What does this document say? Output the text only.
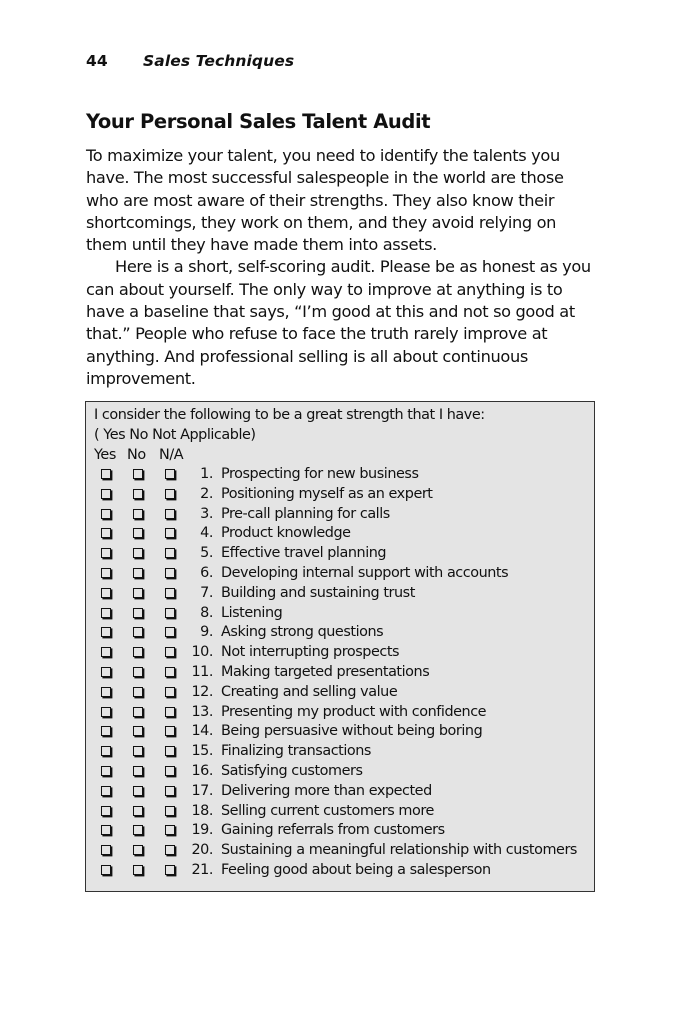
44 Sales Techniques
Your Personal Sales Talent Audit

To maximize your talent, you need to identify the talents you have. The most successful salespeople in the world are those who are most aware of their strengths. They also know their shortcomings, they work on them, and they avoid relying on them until they have made them into assets.

Here is a short, self-scoring audit. Please be as honest as you can about yourself. The only way to improve at anything is to have a baseline that says, “I’m good at this and not so good at that.” People who refuse to face the truth rarely improve at anything. And professional selling is all about continuous improvement.

I consider the following to be a great strength that I have:
( Yes No Not Applicable)
Yes No N/A
1. Prospecting for new business
2. Positioning myself as an expert
3. Pre-call planning for calls
4. Product knowledge
5. Effective travel planning
6. Developing internal support with accounts
7. Building and sustaining trust
8. Listening
9. Asking strong questions
10. Not interrupting prospects
11. Making targeted presentations
12. Creating and selling value
13. Presenting my product with confidence
14. Being persuasive without being boring
15. Finalizing transactions
16. Satisfying customers
17. Delivering more than expected
18. Selling current customers more
19. Gaining referrals from customers
20. Sustaining a meaningful relationship with customers
21. Feeling good about being a salesperson
